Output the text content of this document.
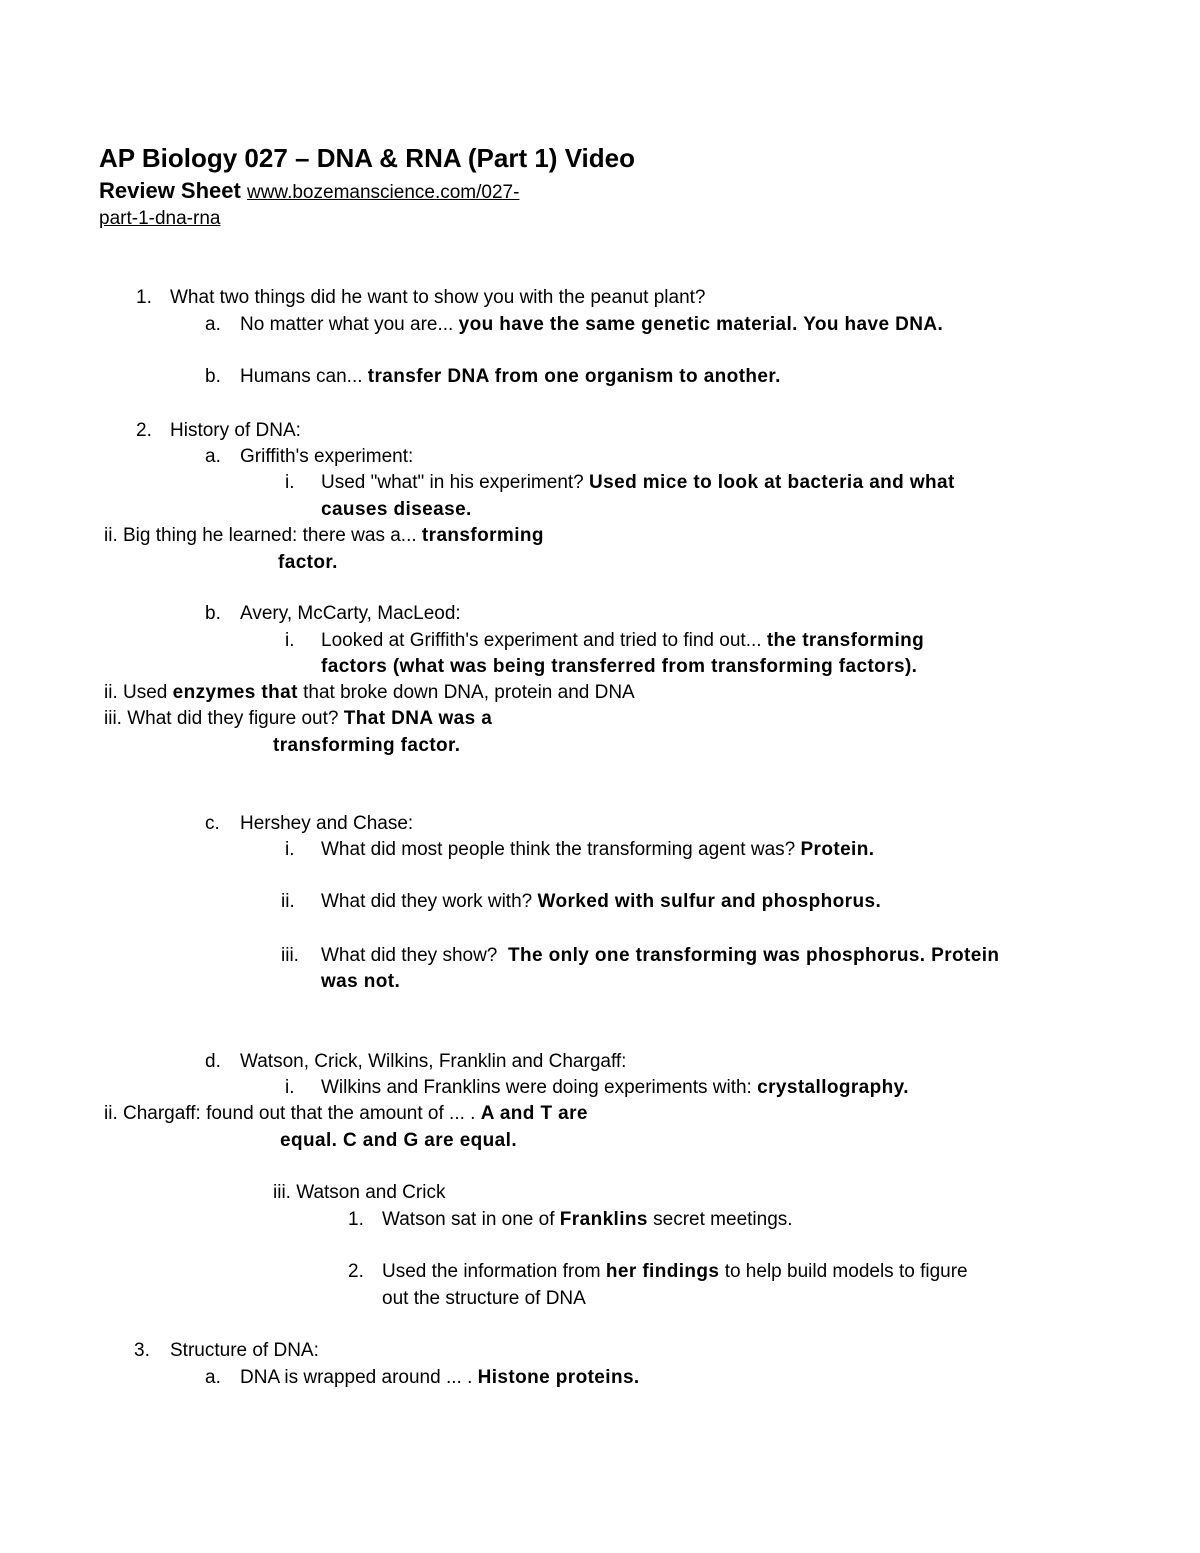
AP Biology 027 – DNA & RNA (Part 1) Video
Review Sheet www.bozemanscience.com/027-
part-1-dna-rna
1. What two things did he want to show you with the peanut plant?
a. No matter what you are... you have the same genetic material. You have DNA.
b. Humans can... transfer DNA from one organism to another.
2. History of DNA:
a. Griffith's experiment:
i. Used "what" in his experiment? Used mice to look at bacteria and what
causes disease.
ii. Big thing he learned: there was a... transforming
factor.
b. Avery, McCarty, MacLeod:
i. Looked at Griffith's experiment and tried to find out... the transforming
factors (what was being transferred from transforming factors).
ii. Used enzymes that that broke down DNA, protein and DNA
iii. What did they figure out? That DNA was a
transforming factor.
c. Hershey and Chase:
i. What did most people think the transforming agent was? Protein.
ii. What did they work with? Worked with sulfur and phosphorus.
iii. What did they show? The only one transforming was phosphorus. Protein
was not.
d. Watson, Crick, Wilkins, Franklin and Chargaff:
i. Wilkins and Franklins were doing experiments with: crystallography.
ii. Chargaff: found out that the amount of ... . A and T are
equal. C and G are equal.
iii. Watson and Crick
1. Watson sat in one of Franklins secret meetings.
2. Used the information from her findings to help build models to figure
out the structure of DNA
3. Structure of DNA:
a. DNA is wrapped around ... . Histone proteins.
